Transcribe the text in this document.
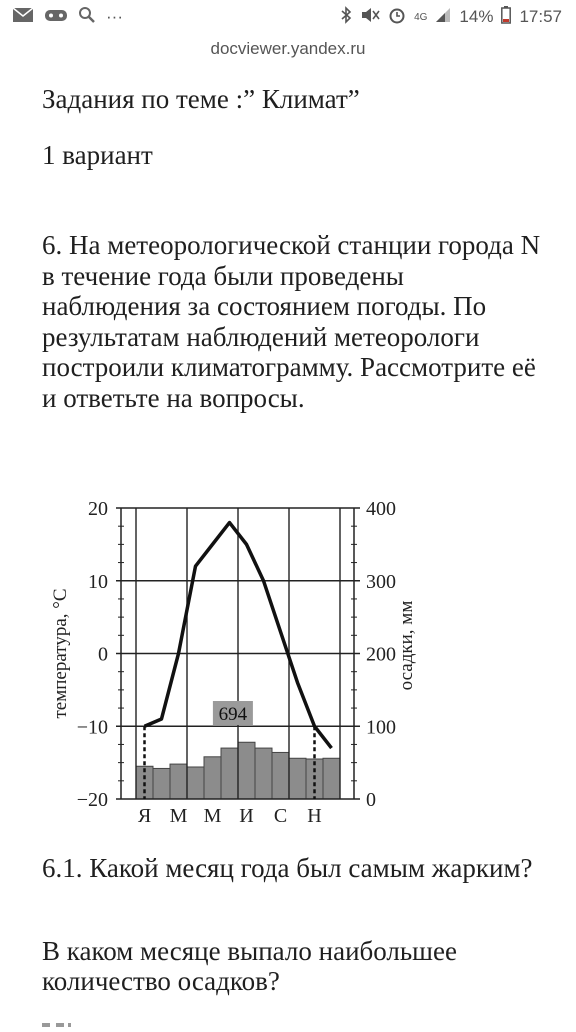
···	4G 14% 17:57
docviewer.yandex.ru

Задания по теме :” Климат”

1 вариант

6. На метеорологической станции города N в течение года были проведены наблюдения за состоянием погоды. По результатам наблюдений метеорологи построили климатограмму. Рассмотрите её и ответьте на вопросы.
20
10
0
−10
−20
400
300
200
100
0
температура, °C	осадки, мм
694
Я М М И С Н
6.1. Какой месяц года был самым жарким?
В каком месяце выпало наибольшее количество осадков?
